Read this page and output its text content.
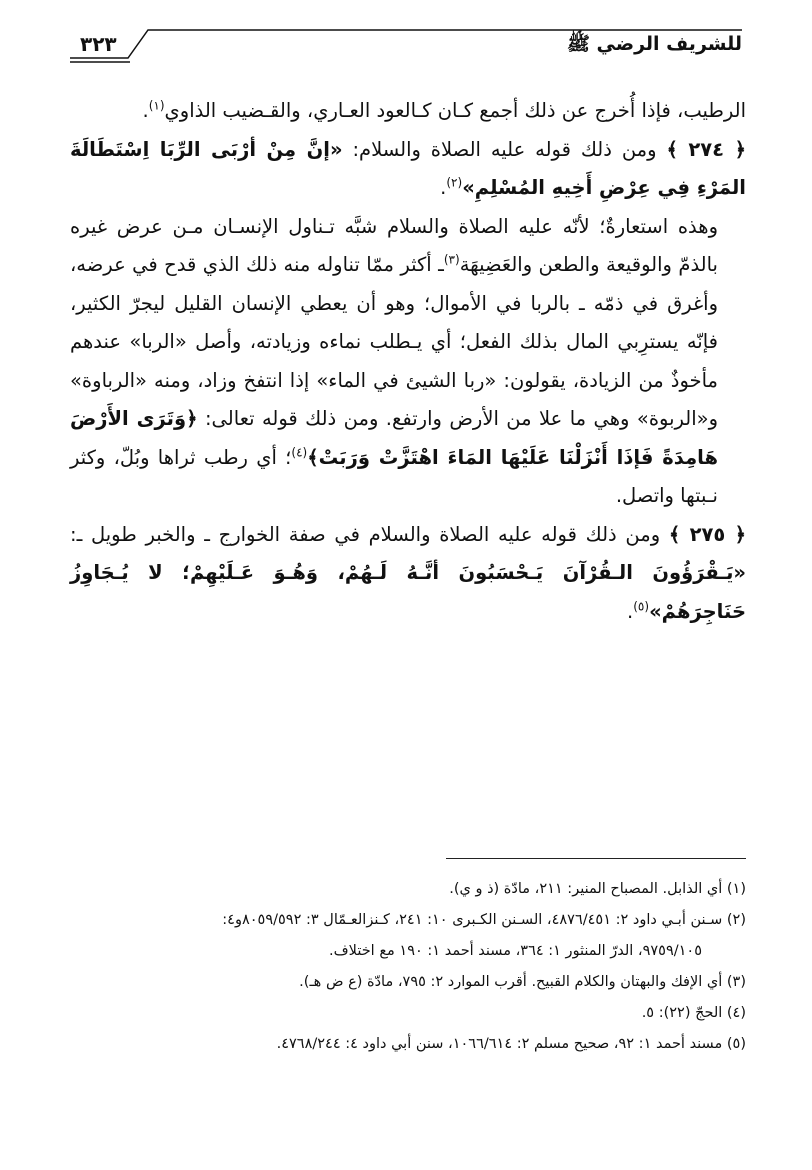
للشريف الرضي ﷺ
٣٢٣

الرطيب، فإذا أُخرج عن ذلك أجمع كـان كـالعود العـاري، والقـضيب الذاوي$^{(١)}$.

﴿ ٢٧٤ ﴾ ومن ذلك قوله عليه الصلاة والسلام: «إنَّ مِنْ أرْبَى الرِّبَا اِسْتَطَالَةَ المَرْءِ فِي عِرْضِ أَخِيهِ المُسْلِمِ»$^{(٢)}$.

وهذه استعارةٌ؛ لأنّه عليه الصلاة والسلام شبَّه تـناول الإنسـان مـن عرض غيره بالذمّ والوقيعة والطعن والعَضِيهَة$^{(٣)}$ـ أكثر ممّا تناوله منه ذلك الذي قدح في عرضه، وأغرق في ذمّه ـ بالربا في الأموال؛ وهو أن يعطي الإنسان القليل ليجرّ الكثير، فإنّه يسترِبي المال بذلك الفعل؛ أي يـطلب نماءه وزيادته، وأصل «الربا» عندهم مأخوذٌ من الزيادة، يقولون: «ربا الشيئ في الماء» إذا انتفخ وزاد، ومنه «الرباوة» و«الربوة» وهي ما علا من الأرض وارتفع. ومن ذلك قوله تعالى: ﴿وَتَرَى الأَرْضَ هَامِدَةً فَإذَا أَنْزَلْنَا عَلَيْهَا المَاءَ اهْتَزَّتْ وَرَبَتْ﴾$^{(٤)}$؛ أي رطب ثراها وبُلّ، وكثر نـبتها واتصل.

﴿ ٢٧٥ ﴾ ومن ذلك قوله عليه الصلاة والسلام في صفة الخوارج ـ والخبر طويل ـ: «يَـقْرَؤُونَ الـقُرْآنَ يَـحْسَبُونَ أنَّـهُ لَـهُمْ، وَهُـوَ عَـلَيْهِمْ؛ لا يُـجَاوِزُ حَنَاجِرَهُمْ»$^{(٥)}$.

(١) أي الذابل. المصباح المنير: ٢١١، مادّة (ذ و ي).

(٢) سـنن أبـي داود ٢: ٤٨٧٦/٤٥١، السـنن الكـبرى ١٠: ٢٤١، كـنزالعـمّال ٣: ٨٠٥٩/٥٩٢و٤:

٩٧٥٩/١٠٥، الدرّ المنثور ١: ٣٦٤، مسند أحمد ١: ١٩٠ مع اختلاف.

(٣) أي الإفك والبهتان والكلام القبيح. أقرب الموارد ٢: ٧٩٥، مادّة (ع ض هـ).

(٤) الحجّ (٢٢): ٥.

(٥) مسند أحمد ١: ٩٢، صحيح مسلم ٢: ١٠٦٦/٦١٤، سنن أبي داود ٤: ٤٧٦٨/٢٤٤.
